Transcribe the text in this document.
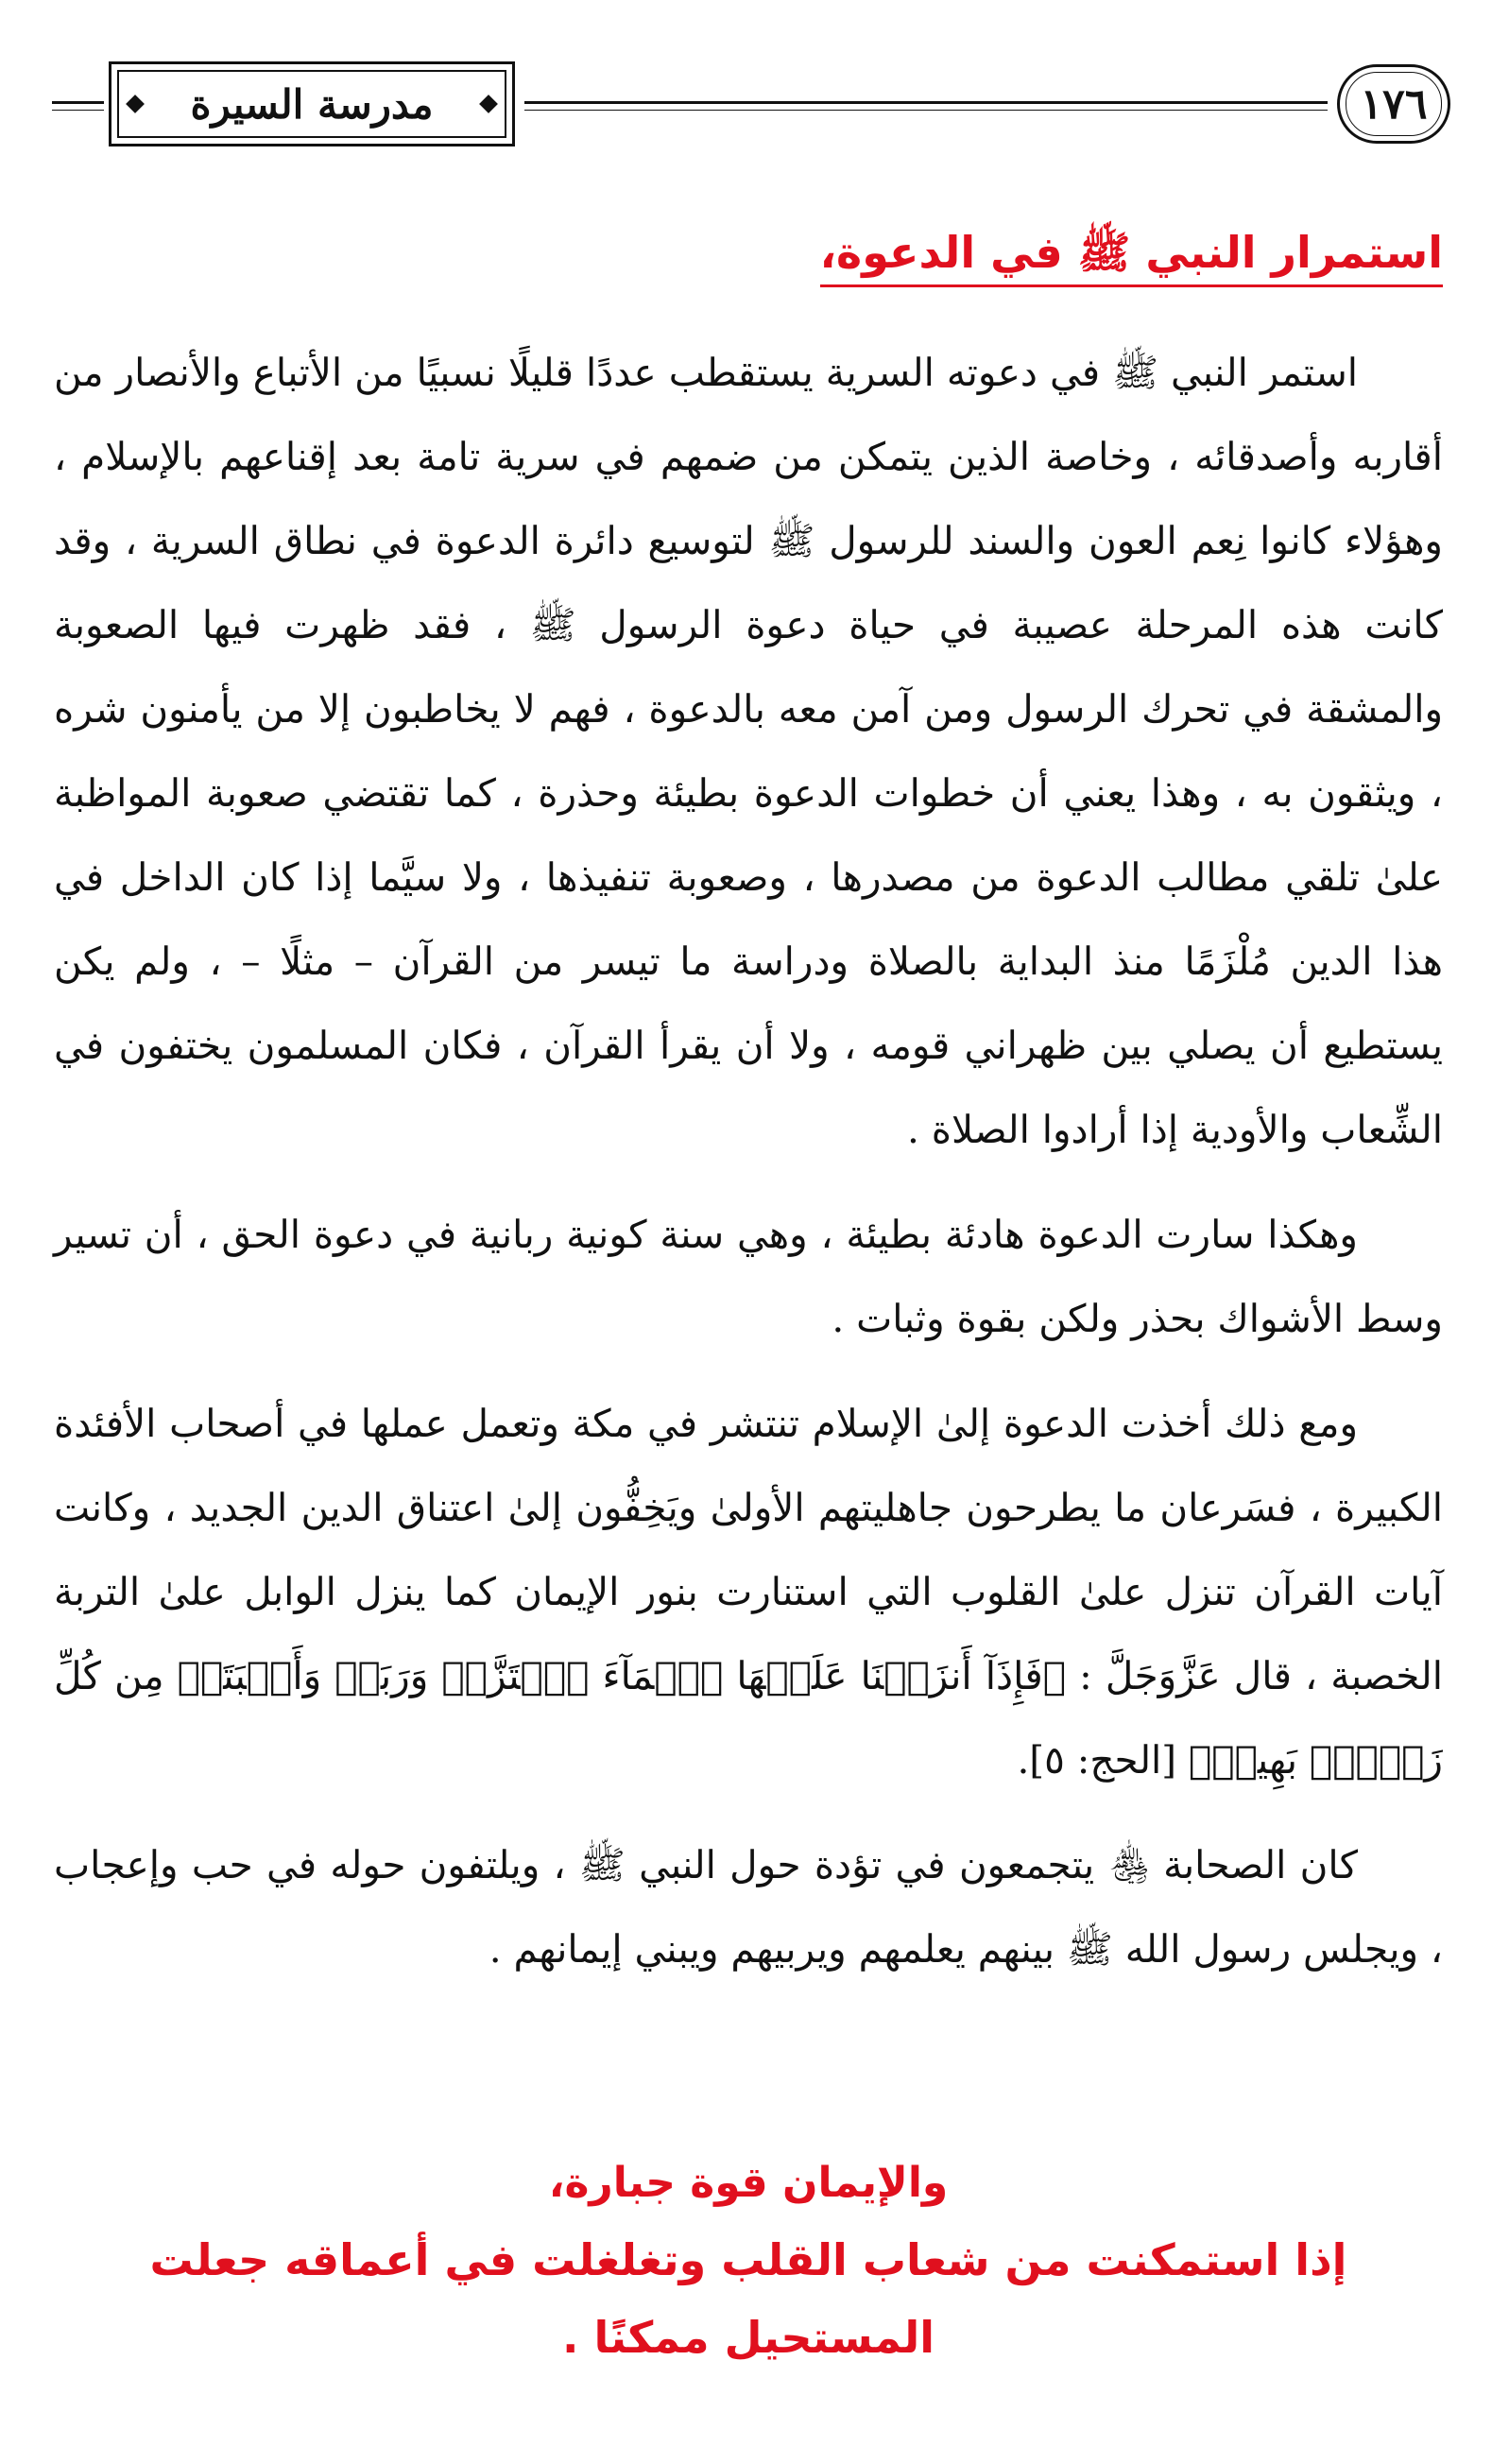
مدرسة السيرة	١٧٦
استمرار النبي ﷺ في الدعوة،

استمر النبي ﷺ في دعوته السرية يستقطب عددًا قليلًا نسبيًا من الأتباع والأنصار من أقاربه وأصدقائه ، وخاصة الذين يتمكن من ضمهم في سرية تامة بعد إقناعهم بالإسلام ، وهؤلاء كانوا نِعم العون والسند للرسول ﷺ لتوسيع دائرة الدعوة في نطاق السرية ، وقد كانت هذه المرحلة عصيبة في حياة دعوة الرسول ﷺ ، فقد ظهرت فيها الصعوبة والمشقة في تحرك الرسول ومن آمن معه بالدعوة ، فهم لا يخاطبون إلا من يأمنون شره ، ويثقون به ، وهذا يعني أن خطوات الدعوة بطيئة وحذرة ، كما تقتضي صعوبة المواظبة علىٰ تلقي مطالب الدعوة من مصدرها ، وصعوبة تنفيذها ، ولا سيَّما إذا كان الداخل في هذا الدين مُلْزَمًا منذ البداية بالصلاة ودراسة ما تيسر من القرآن – مثلًا – ، ولم يكن يستطيع أن يصلي بين ظهراني قومه ، ولا أن يقرأ القرآن ، فكان المسلمون يختفون في الشِّعاب والأودية إذا أرادوا الصلاة .

وهكذا سارت الدعوة هادئة بطيئة ، وهي سنة كونية ربانية في دعوة الحق ، أن تسير وسط الأشواك بحذر ولكن بقوة وثبات .

ومع ذلك أخذت الدعوة إلىٰ الإسلام تنتشر في مكة وتعمل عملها في أصحاب الأفئدة الكبيرة ، فسَرعان ما يطرحون جاهليتهم الأولىٰ ويَخِفُّون إلىٰ اعتناق الدين الجديد ، وكانت آيات القرآن تنزل علىٰ القلوب التي استنارت بنور الإيمان كما ينزل الوابل علىٰ التربة الخصبة ، قال عَزَّوَجَلَّ : ﴿فَإِذَآ أَنزَلۡنَا عَلَيۡهَا ٱلۡمَآءَ ٱهۡتَزَّتۡ وَرَبَتۡ وَأَنۢبَتَتۡ مِن كُلِّ زَوۡجِۭ بَهِيجٖ﴾ [الحج: ٥].

كان الصحابة ﵃ يتجمعون في تؤدة حول النبي ﷺ ، ويلتفون حوله في حب وإعجاب ، ويجلس رسول الله ﷺ بينهم يعلمهم ويربيهم ويبني إيمانهم .

والإيمان قوة جبارة،
إذا استمكنت من شعاب القلب وتغلغلت في أعماقه جعلت المستحيل ممكنًا .
